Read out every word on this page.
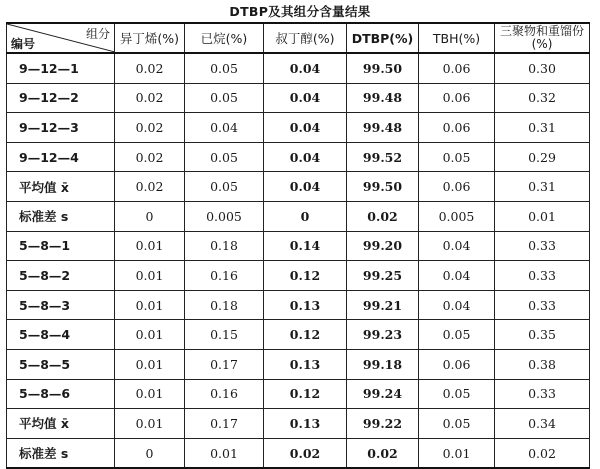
DTBP及其组分含量结果
组分
编号	异丁烯(%)	已烷(%)	叔丁醇(%)	DTBP(%)	TBH(%)	三聚物和重馏份(%)
9—12—1	0.02	0.05	0.04	99.50	0.06	0.30
9—12—2	0.02	0.05	0.04	99.48	0.06	0.32
9—12—3	0.02	0.04	0.04	99.48	0.06	0.31
9—12—4	0.02	0.05	0.04	99.52	0.05	0.29
平均值 x̄	0.02	0.05	0.04	99.50	0.06	0.31
标准差 s	0	0.005	0	0.02	0.005	0.01
5—8—1	0.01	0.18	0.14	99.20	0.04	0.33
5—8—2	0.01	0.16	0.12	99.25	0.04	0.33
5—8—3	0.01	0.18	0.13	99.21	0.04	0.33
5—8—4	0.01	0.15	0.12	99.23	0.05	0.35
5—8—5	0.01	0.17	0.13	99.18	0.06	0.38
5—8—6	0.01	0.16	0.12	99.24	0.05	0.33
平均值 x̄	0.01	0.17	0.13	99.22	0.05	0.34
标准差 s	0	0.01	0.02	0.02	0.01	0.02
